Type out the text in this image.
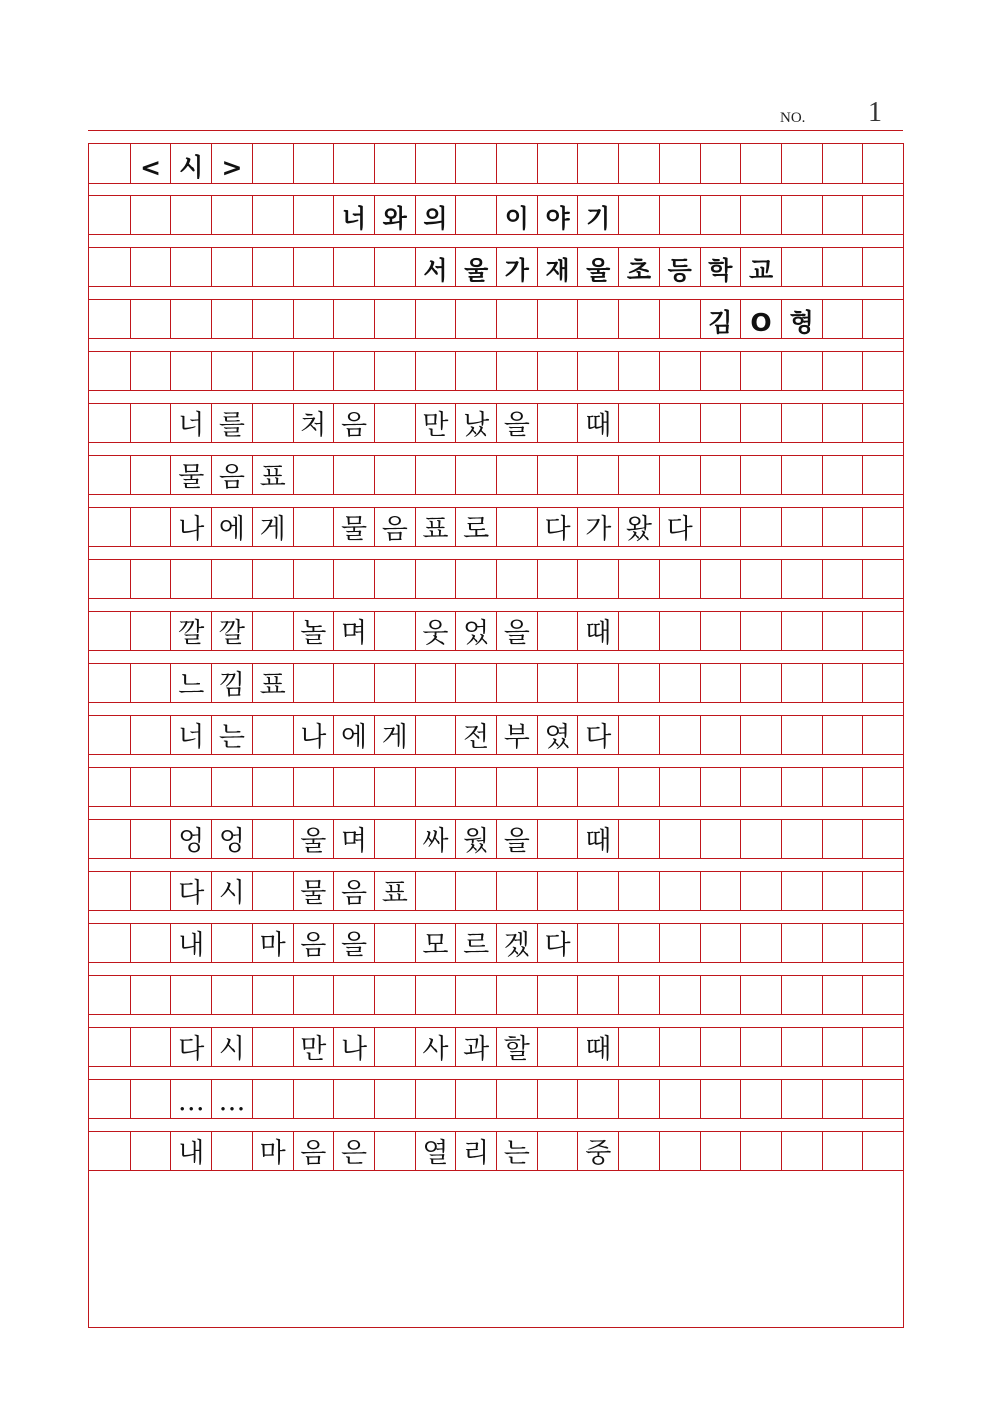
NO. 1
< 시 >
너 와 의	이 야 기
서 울 가 재 울 초 등 학 교
김 O 형
너 를 처 음 만 났 을 때
물 음 표
나 에 게 물 음 표 로 다 가 왔 다
깔 깔 놀 며 웃 었 을 때
느 낌 표
너 는 나 에 게 전 부 였 다
엉 엉 울 며 싸 웠 을 때
다 시 물 음 표
내 마 음 을 모 르 겠 다
다 시 만 나 사 과 할 때
… …
내 마 음 은 열 리 는 중
